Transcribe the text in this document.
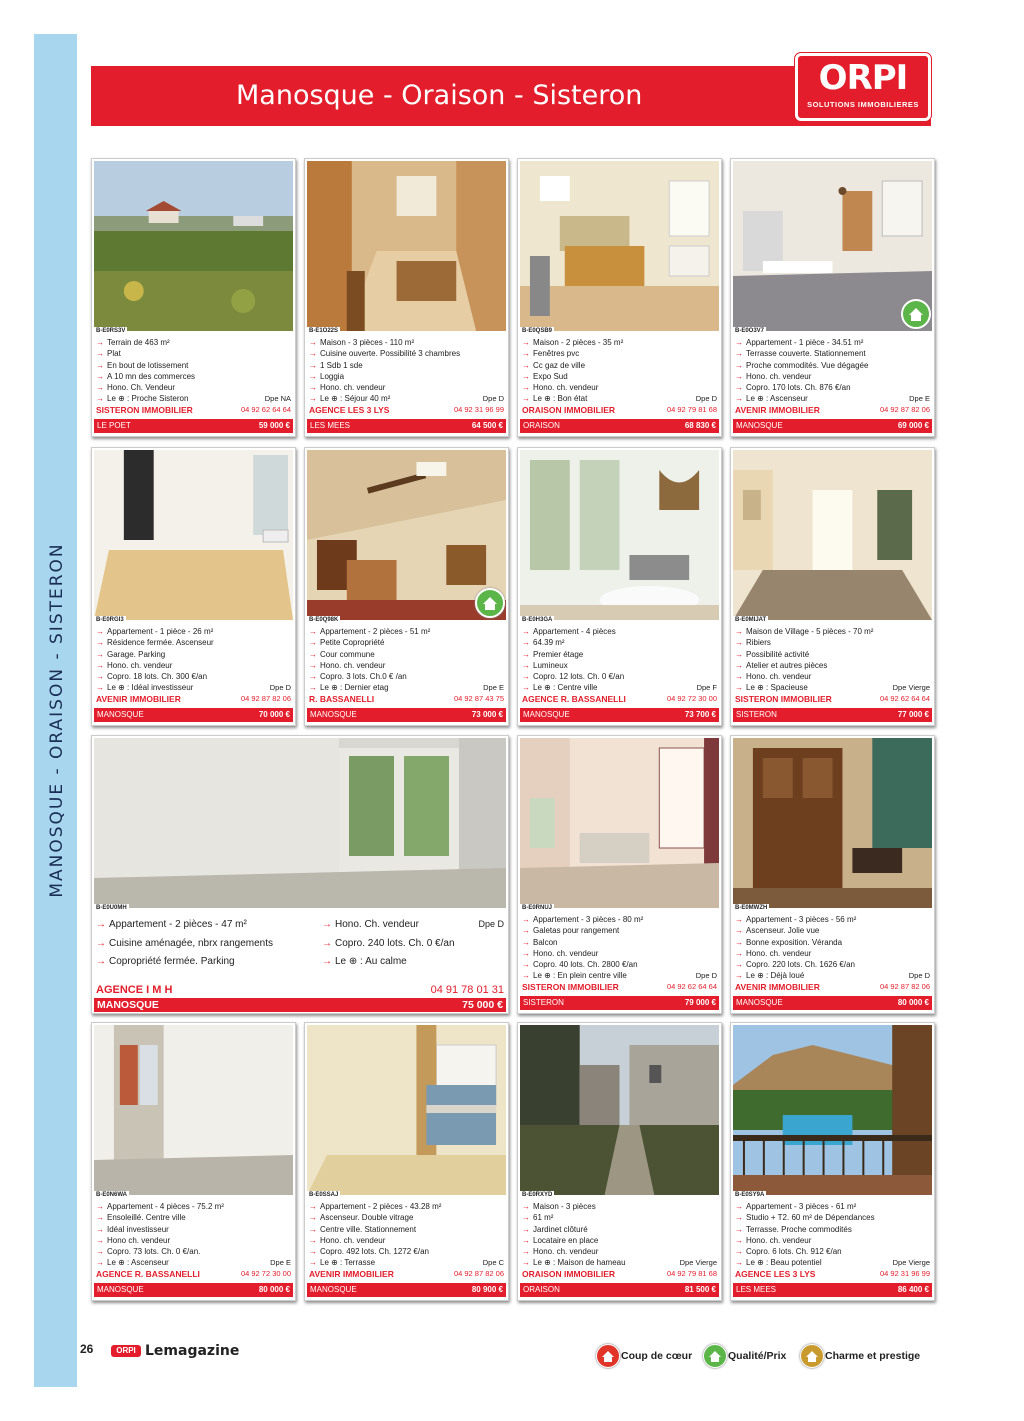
MANOSQUE - ORAISON - SISTERON
Manosque - Oraison - Sisteron	ORPI
SOLUTIONS IMMOBILIERES
B-E0RS3V
→ Terrain de 463 m²
→ Plat
→ En bout de lotissement
→ A 10 mn des commerces
→ Hono. Ch. Vendeur
→ Le ⊕ : Proche Sisteron	Dpe NA
SISTERON IMMOBILIER	04 92 62 64 64
LE POET	59 000 €
B-E1O22S
→ Maison - 3 pièces - 110 m²
→ Cuisine ouverte. Possibilité 3 chambres
→ 1 Sdb 1 sde
→ Loggia
→ Hono. ch. vendeur
→ Le ⊕ : Séjour 40 m²	Dpe D
AGENCE LES 3 LYS	04 92 31 96 99
LES MEES	64 500 €
B-E0QSB9
→ Maison - 2 pièces - 35 m²
→ Fenêtres pvc
→ Cc gaz de ville
→ Expo Sud
→ Hono. ch. vendeur
→ Le ⊕ : Bon état	Dpe D
ORAISON IMMOBILIER	04 92 79 81 68
ORAISON	68 830 €
B-E0O3V7
→ Appartement - 1 pièce - 34.51 m²
→ Terrasse couverte. Stationnement
→ Proche commodités. Vue dégagée
→ Hono. ch. vendeur
→ Copro. 170 lots. Ch. 876 €/an
→ Le ⊕ : Ascenseur	Dpe E
AVENIR IMMOBILIER	04 92 87 82 06
MANOSQUE	69 000 €
B-E0RGI3
→ Appartement - 1 pièce - 26 m²
→ Résidence fermée. Ascenseur
→ Garage. Parking
→ Hono. ch. vendeur
→ Copro. 18 lots. Ch. 300 €/an
→ Le ⊕ : Idéal investisseur	Dpe D
AVENIR IMMOBILIER	04 92 87 82 06
MANOSQUE	70 000 €
B-E0Q98K
→ Appartement - 2 pièces - 51 m²
→ Petite Copropriété
→ Cour commune
→ Hono. ch. vendeur
→ Copro. 3 lots. Ch.0 € /an
→ Le ⊕ : Dernier etag	Dpe E
R. BASSANELLI	04 92 87 43 75
MANOSQUE	73 000 €
B-E0H3GA
→ Appartement - 4 pièces
→ 64.39 m²
→ Premier étage
→ Lumineux
→ Copro. 12 lots. Ch. 0 €/an
→ Le ⊕ : Centre ville	Dpe F
AGENCE R. BASSANELLI	04 92 72 30 00
MANOSQUE	73 700 €
B-E0MIJAT
→ Maison de Village - 5 pièces - 70 m²
→ Ribiers
→ Possibilité activité
→ Atelier et autres pièces
→ Hono. ch. vendeur
→ Le ⊕ : Spacieuse	Dpe Vierge
SISTERON IMMOBILIER	04 92 62 64 64
SISTERON	77 000 €
B-E0U0MH
→ Appartement - 2 pièces - 47 m²
→ Cuisine aménagée, nbrx rangements
→ Copropriété fermée. Parking
→ Hono. Ch. vendeur
→ Copro. 240 lots. Ch. 0 €/an
→ Le ⊕ : Au calme
Dpe D
AGENCE I M H	04 91 78 01 31
MANOSQUE	75 000 €
B-E0RNUJ
→ Appartement - 3 pièces - 80 m²
→ Galetas pour rangement
→ Balcon
→ Hono. ch. vendeur
→ Copro. 40 lots. Ch. 2800 €/an
→ Le ⊕ : En plein centre ville	Dpe D
SISTERON IMMOBILIER	04 92 62 64 64
SISTERON	79 000 €
B-E0MWZH
→ Appartement - 3 pièces - 56 m²
→ Ascenseur. Jolie vue
→ Bonne exposition. Véranda
→ Hono. ch. vendeur
→ Copro. 220 lots. Ch. 1626 €/an
→ Le ⊕ : Déjà loué	Dpe D
AVENIR IMMOBILIER	04 92 87 82 06
MANOSQUE	80 000 €
B-E0N6WA
→ Appartement - 4 pièces - 75.2 m²
→ Ensoleillé. Centre ville
→ Idéal investisseur
→ Hono ch. vendeur
→ Copro. 73 lots. Ch. 0 €/an.
→ Le ⊕ : Ascenseur	Dpe E
AGENCE R. BASSANELLI	04 92 72 30 00
MANOSQUE	80 000 €
B-E0SSAJ
→ Appartement - 2 pièces - 43.28 m²
→ Ascenseur. Double vitrage
→ Centre ville. Stationnement
→ Hono. ch. vendeur
→ Copro. 492 lots. Ch. 1272 €/an
→ Le ⊕ : Terrasse	Dpe C
AVENIR IMMOBILIER	04 92 87 82 06
MANOSQUE	80 900 €
B-E0RXYD
→ Maison - 3 pièces
→ 61 m²
→ Jardinet clôturé
→ Locataire en place
→ Hono. ch. vendeur
→ Le ⊕ : Maison de hameau	Dpe Vierge
ORAISON IMMOBILIER	04 92 79 81 68
ORAISON	81 500 €
B-E0SY9A
→ Appartement - 3 pièces - 61 m²
→ Studio + T2. 60 m² de Dépendances
→ Terrasse. Proche commodités
→ Hono. ch. vendeur
→ Copro. 6 lots. Ch. 912 €/an
→ Le ⊕ : Beau potentiel	Dpe Vierge
AGENCE LES 3 LYS	04 92 31 96 99
LES MEES	86 400 €
26	ORPI Lemagazine	Coup de cœur	Qualité/Prix	Charme et prestige
